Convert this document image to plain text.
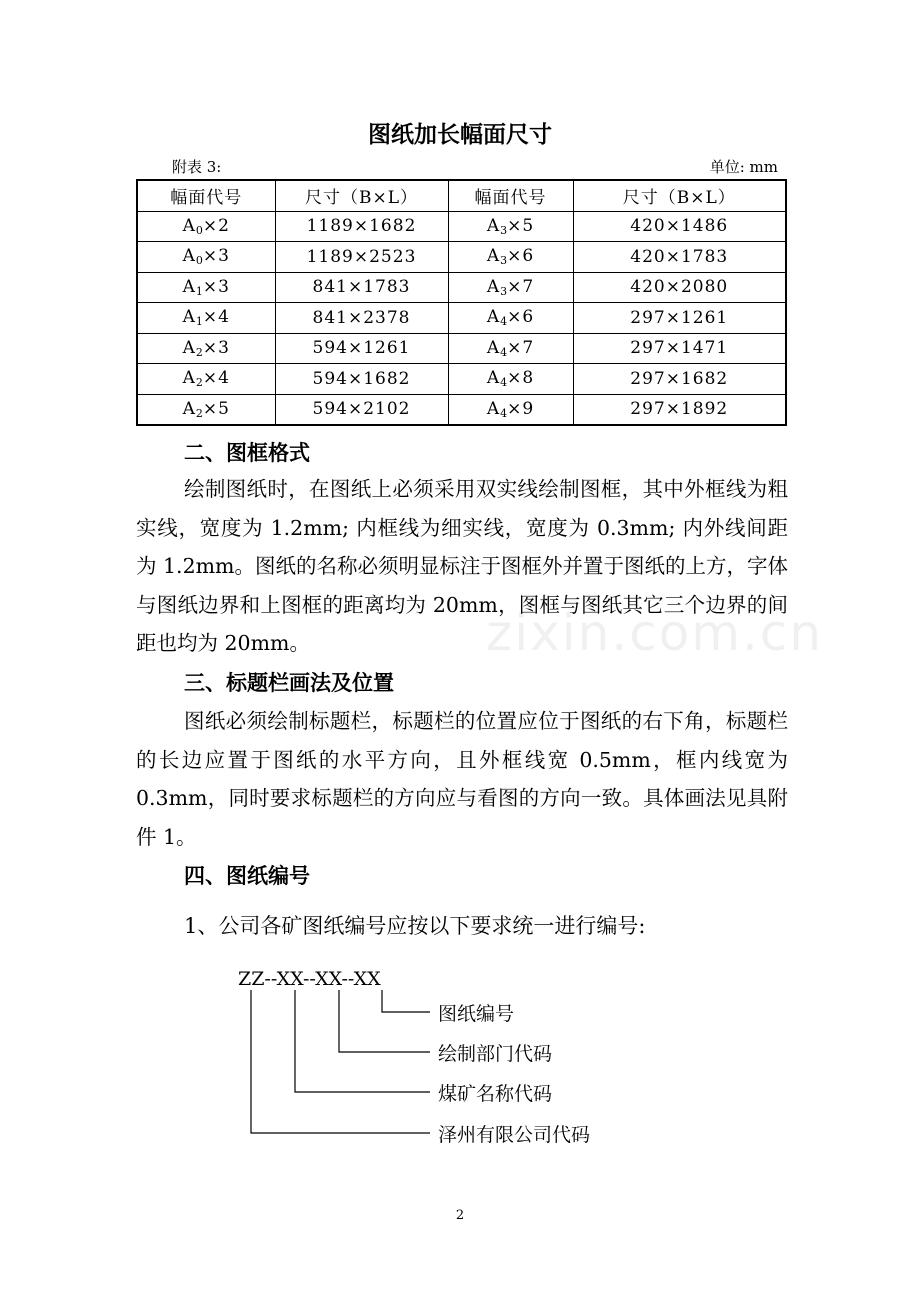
图纸加长幅面尺寸
附表 3:	单位: mm
幅面代号	尺寸（B×L）	幅面代号	尺寸（B×L）
$A_0\times 2$	1189×1682	$A_3\times 5$	420×1486
$A_0\times 3$	1189×2523	$A_3\times 6$	420×1783
$A_1\times 3$	841×1783	$A_3\times 7$	420×2080
$A_1\times 4$	841×2378	$A_4\times 6$	297×1261
$A_2\times 3$	594×1261	$A_4\times 7$	297×1471
$A_2\times 4$	594×1682	$A_4\times 8$	297×1682
$A_2\times 5$	594×2102	$A_4\times 9$	297×1892
二、图框格式

绘制图纸时，在图纸上必须采用双实线绘制图框，其中外框线为粗实线，宽度为 1.2mm; 内框线为细实线，宽度为 0.3mm; 内外线间距为 1.2mm。图纸的名称必须明显标注于图框外并置于图纸的上方，字体与图纸边界和上图框的距离均为 20mm，图框与图纸其它三个边界的间距也均为 20mm。

三、标题栏画法及位置

图纸必须绘制标题栏，标题栏的位置应位于图纸的右下角，标题栏的长边应置于图纸的水平方向，且外框线宽 0.5mm，框内线宽为 0.3mm，同时要求标题栏的方向应与看图的方向一致。具体画法见具附件 1。

四、图纸编号
1、公司各矿图纸编号应按以下要求统一进行编号:
ZZ--XX--XX--XX
图纸编号
绘制部门代码
煤矿名称代码
泽州有限公司代码
zixin.com.cn
2
